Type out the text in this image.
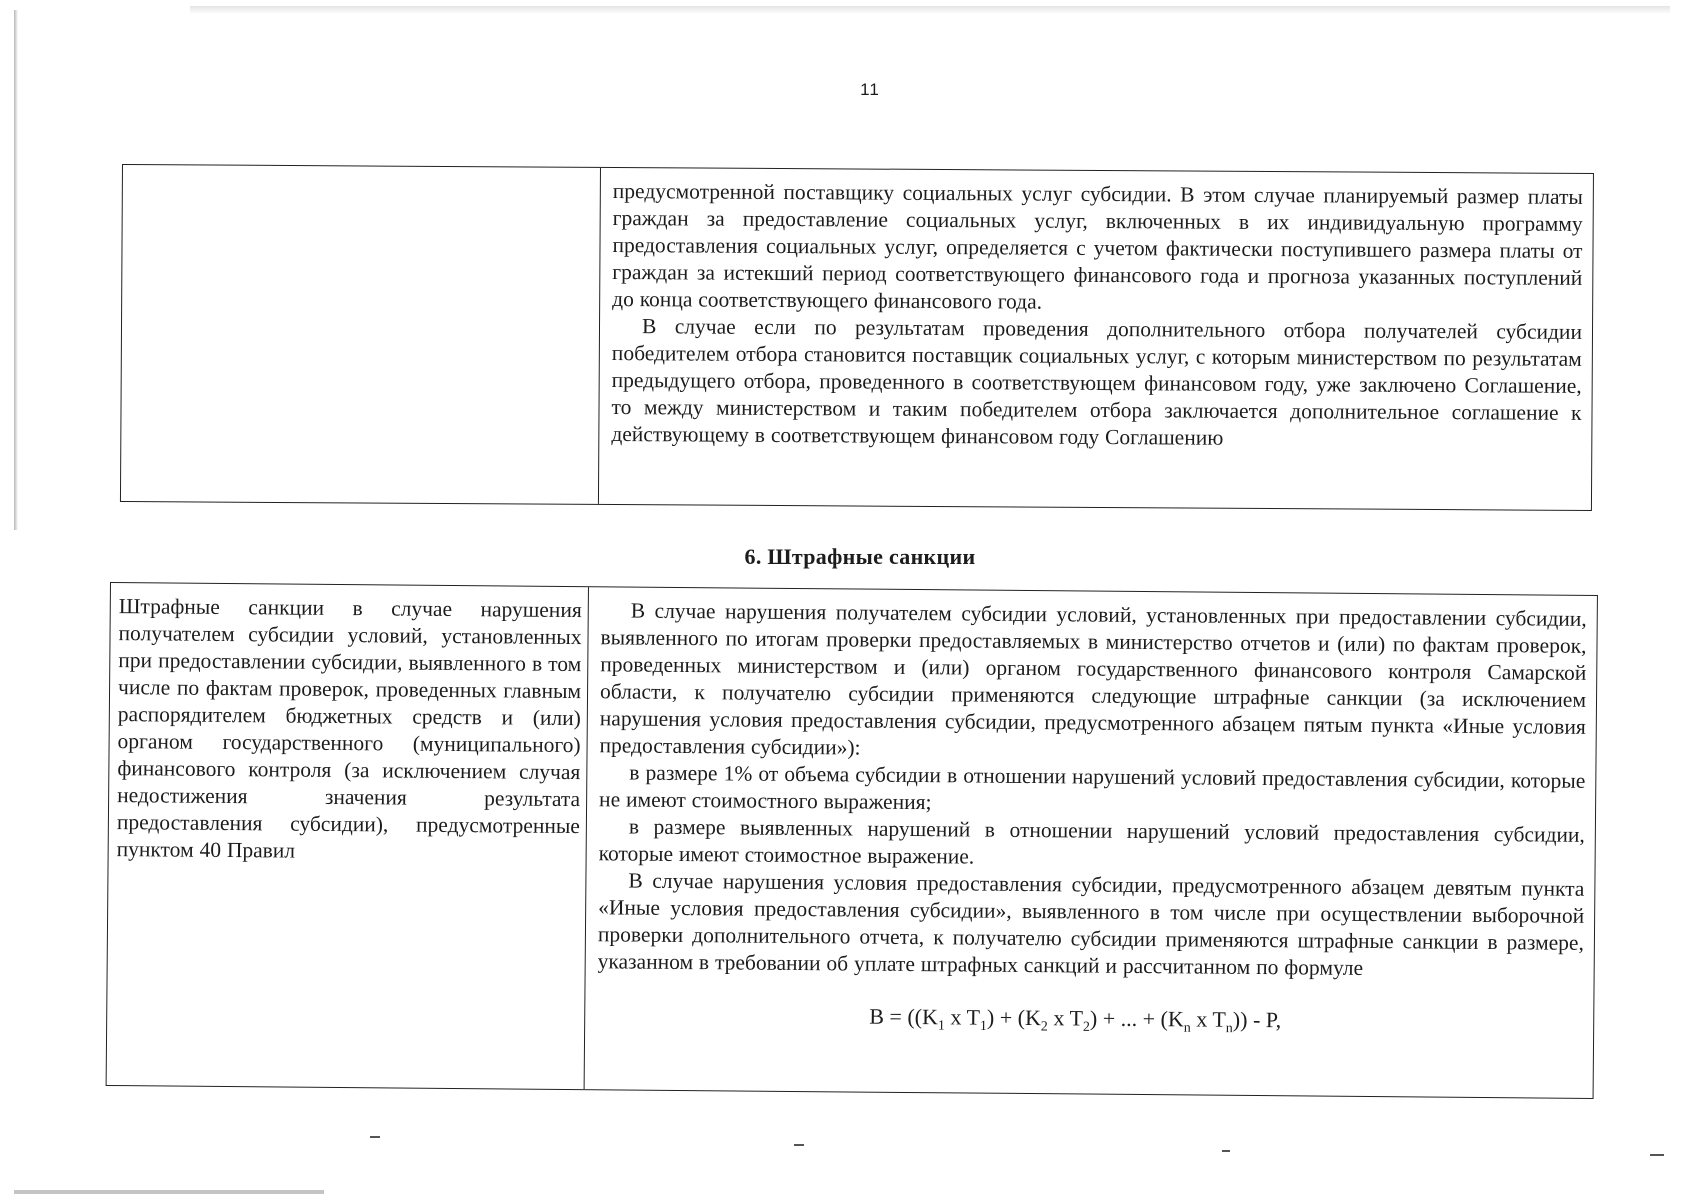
11

предусмотренной поставщику социальных услуг субсидии. В этом случае планируемый размер платы граждан за предоставление социальных услуг, включенных в их индивидуальную программу предоставления социальных услуг, определяется с учетом фактически поступившего размера платы от граждан за истекший период соответствующего финансового года и прогноза указанных поступлений до конца соответствующего финансового года.

В случае если по результатам проведения дополнительного отбора получателей субсидии победителем отбора становится поставщик социальных услуг, с которым министерством по результатам предыдущего отбора, проведенного в соответствующем финансовом году, уже заключено Соглашение, то между министерством и таким победителем отбора заключается дополнительное соглашение к действующему в соответствующем финансовом году Соглашению

6. Штрафные санкции

Штрафные санкции в случае нарушения получателем субсидии условий, установленных при предоставлении субсидии, выявленного в том числе по фактам проверок, проведенных главным распорядителем бюджетных средств и (или) органом государственного (муниципального) финансового контроля (за исключением случая недостижения значения результата предоставления субсидии), предусмотренные пунктом 40 Правил

В случае нарушения получателем субсидии условий, установленных при предоставлении субсидии, выявленного по итогам проверки предоставляемых в министерство отчетов и (или) по фактам проверок, проведенных министерством и (или) органом государственного финансового контроля Самарской области, к получателю субсидии применяются следующие штрафные санкции (за исключением нарушения условия предоставления субсидии, предусмотренного абзацем пятым пункта «Иные условия предоставления субсидии»):

в размере 1% от объема субсидии в отношении нарушений условий предоставления субсидии, которые не имеют стоимостного выражения;

в размере выявленных нарушений в отношении нарушений условий предоставления субсидии, которые имеют стоимостное выражение.

В случае нарушения условия предоставления субсидии, предусмотренного абзацем девятым пункта «Иные условия предоставления субсидии», выявленного в том числе при осуществлении выборочной проверки дополнительного отчета, к получателю субсидии применяются штрафные санкции в размере, указанном в требовании об уплате штрафных санкций и рассчитанном по формуле

$В = ((K_1$ x $T_1) + (K_2$ x $T_2$) + ... + ($K_n$ x $T_n$)) - P,
